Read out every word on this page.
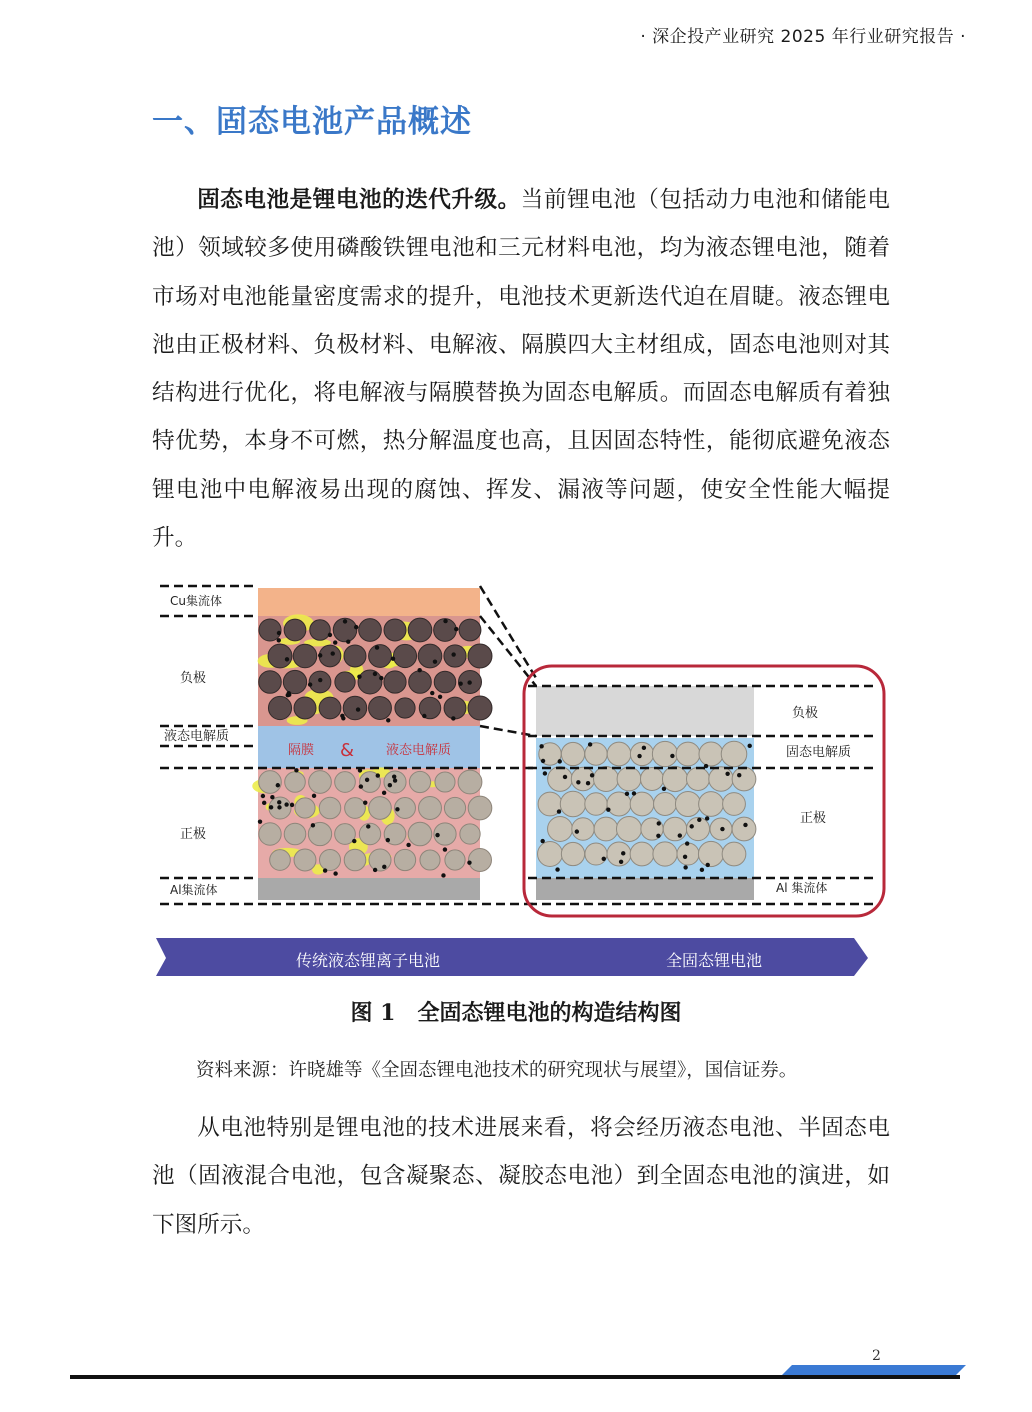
· 深企投产业研究 2025 年行业研究报告 ·
一、固态电池产品概述

固态电池是锂电池的迭代升级。当前锂电池（包括动力电池和储能电池）领域较多使用磷酸铁锂电池和三元材料电池，均为液态锂电池，随着市场对电池能量密度需求的提升，电池技术更新迭代迫在眉睫。液态锂电池由正极材料、负极材料、电解液、隔膜四大主材组成，固态电池则对其结构进行优化，将电解液与隔膜替换为固态电解质。而固态电解质有着独特优势，本身不可燃，热分解温度也高，且因固态特性，能彻底避免液态锂电池中电解液易出现的腐蚀、挥发、漏液等问题，使安全性能大幅提升。

Cu集流体
负极
液态电解质
正极
Al集流体
隔膜 & 液态电解质
负极
固态电解质
正极
Al 集流体
传统液态锂离子电池	全固态锂电池
图 1 全固态锂电池的构造结构图
资料来源：许晓雄等《全固态锂电池技术的研究现状与展望》，国信证券。

从电池特别是锂电池的技术进展来看，将会经历液态电池、半固态电池（固液混合电池，包含凝聚态、凝胶态电池）到全固态电池的演进，如下图所示。

2
